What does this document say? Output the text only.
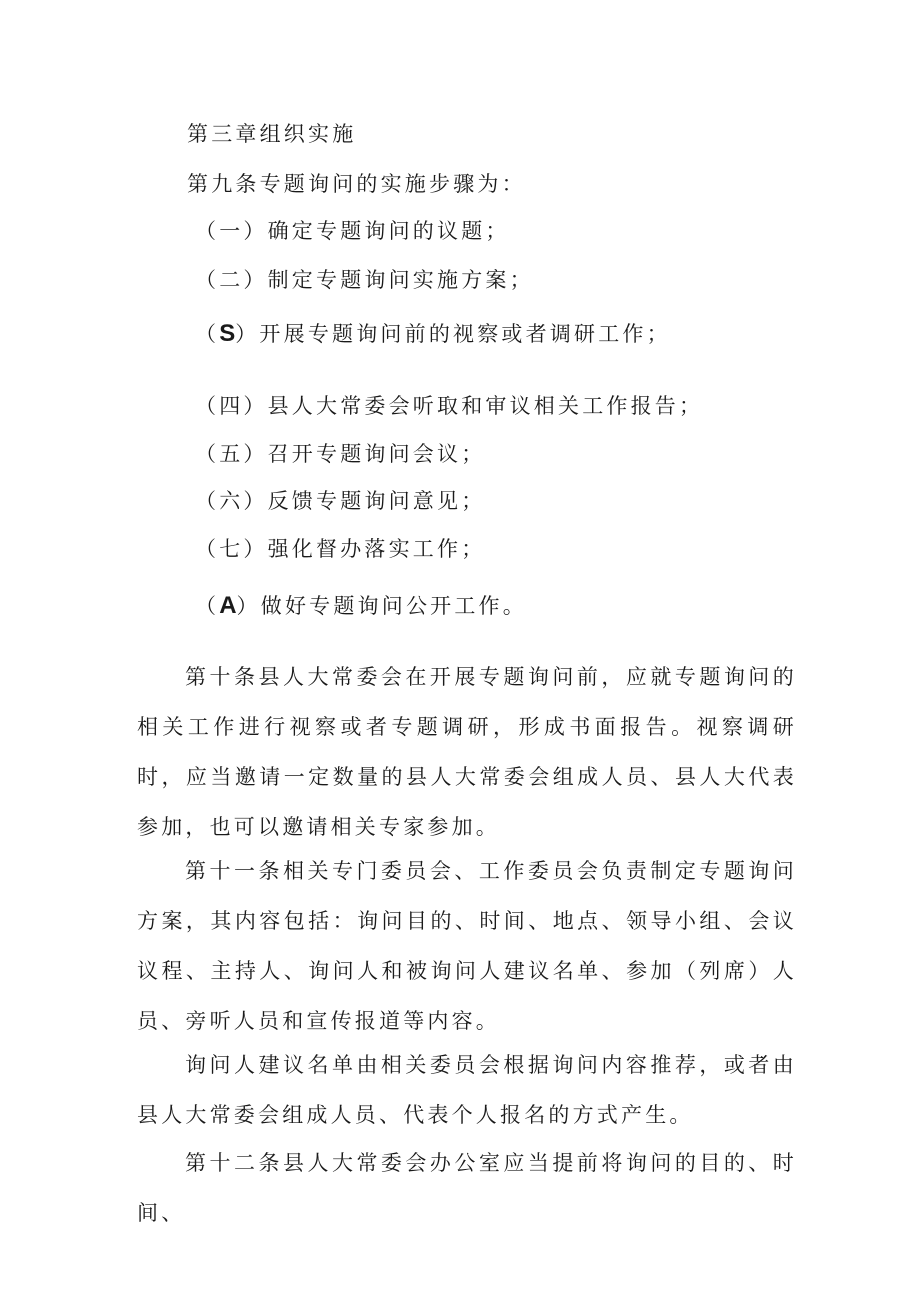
第三章组织实施
第九条专题询问的实施步骤为：
（一）确定专题询问的议题；
（二）制定专题询问实施方案；
（S）开展专题询问前的视察或者调研工作；
（四）县人大常委会听取和审议相关工作报告；
（五）召开专题询问会议；
（六）反馈专题询问意见；
（七）强化督办落实工作；
（A）做好专题询问公开工作。
第十条县人大常委会在开展专题询问前，应就专题询问的相关工作进行视察或者专题调研，形成书面报告。视察调研时，应当邀请一定数量的县人大常委会组成人员、县人大代表参加，也可以邀请相关专家参加。
第十一条相关专门委员会、工作委员会负责制定专题询问方案，其内容包括：询问目的、时间、地点、领导小组、会议议程、主持人、询问人和被询问人建议名单、参加（列席）人员、旁听人员和宣传报道等内容。
询问人建议名单由相关委员会根据询问内容推荐，或者由县人大常委会组成人员、代表个人报名的方式产生。
第十二条县人大常委会办公室应当提前将询问的目的、时间、
